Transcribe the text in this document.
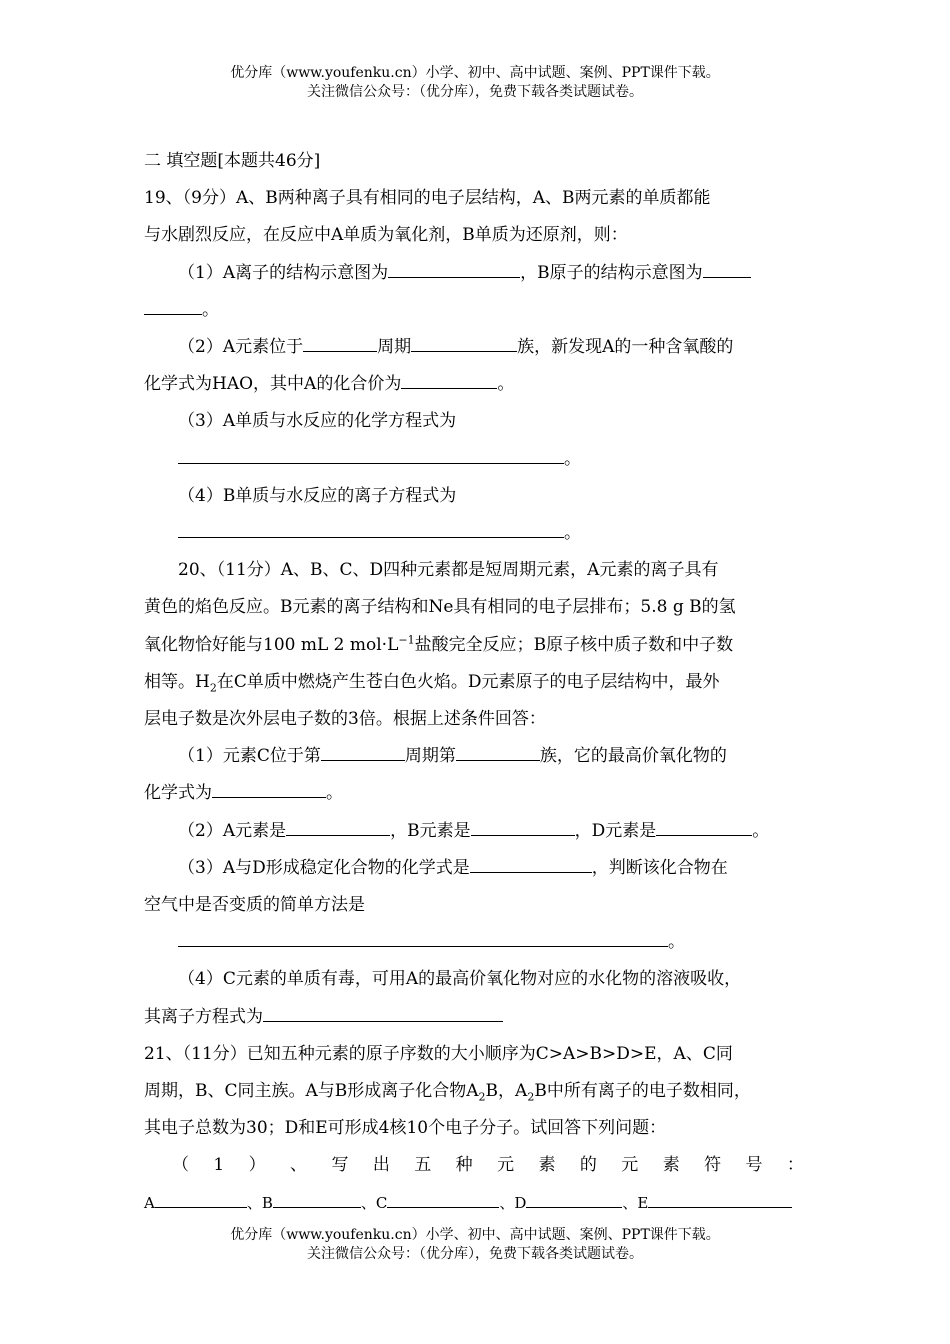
优分库（www.youfenku.cn）小学、初中、高中试题、案例、PPT课件下载。
关注微信公众号：（优分库），免费下载各类试题试卷。
二 填空题[本题共46分]
19、（9分）A、B两种离子具有相同的电子层结构，A、B两元素的单质都能
与水剧烈反应，在反应中A单质为氧化剂，B单质为还原剂，则：
（1）A离子的结构示意图为	，B原子的结构示意图为
。
（2）A元素位于	周期	族，新发现A的一种含氧酸的
化学式为HAO，其中A的化合价为	。
（3）A单质与水反应的化学方程式为
。
（4）B单质与水反应的离子方程式为
。
20、（11分）A、B、C、D四种元素都是短周期元素，A元素的离子具有
黄色的焰色反应。B元素的离子结构和Ne具有相同的电子层排布；5.8 g B的氢
氧化物恰好能与100 mL 2 $mol\cdot L^{-1}$盐酸完全反应；B原子核中质子数和中子数
相等。$H_2$在C单质中燃烧产生苍白色火焰。D元素原子的电子层结构中，最外
层电子数是次外层电子数的3倍。根据上述条件回答：
（1）元素C位于第	周期第	族，它的最高价氧化物的
化学式为	。
（2）A元素是	，B元素是	，D元素是	。
（3）A与D形成稳定化合物的化学式是	，判断该化合物在
空气中是否变质的简单方法是
。
（4）C元素的单质有毒，可用A的最高价氧化物对应的水化物的溶液吸收，
其离子方程式为
21、（11分）已知五种元素的原子序数的大小顺序为C>A>B>D>E，A、C同
周期，B、C同主族。A与B形成离子化合物$A_2B$，$A_2B$中所有离子的电子数相同，
其电子总数为30；D和E可形成4核10个电子分子。试回答下列问题：
（ 1 ） 、 写 出 五 种 元 素 的 元 素 符 号 ：
A	、B	、C	、D	、E
优分库（www.youfenku.cn）小学、初中、高中试题、案例、PPT课件下载。
关注微信公众号：（优分库），免费下载各类试题试卷。
